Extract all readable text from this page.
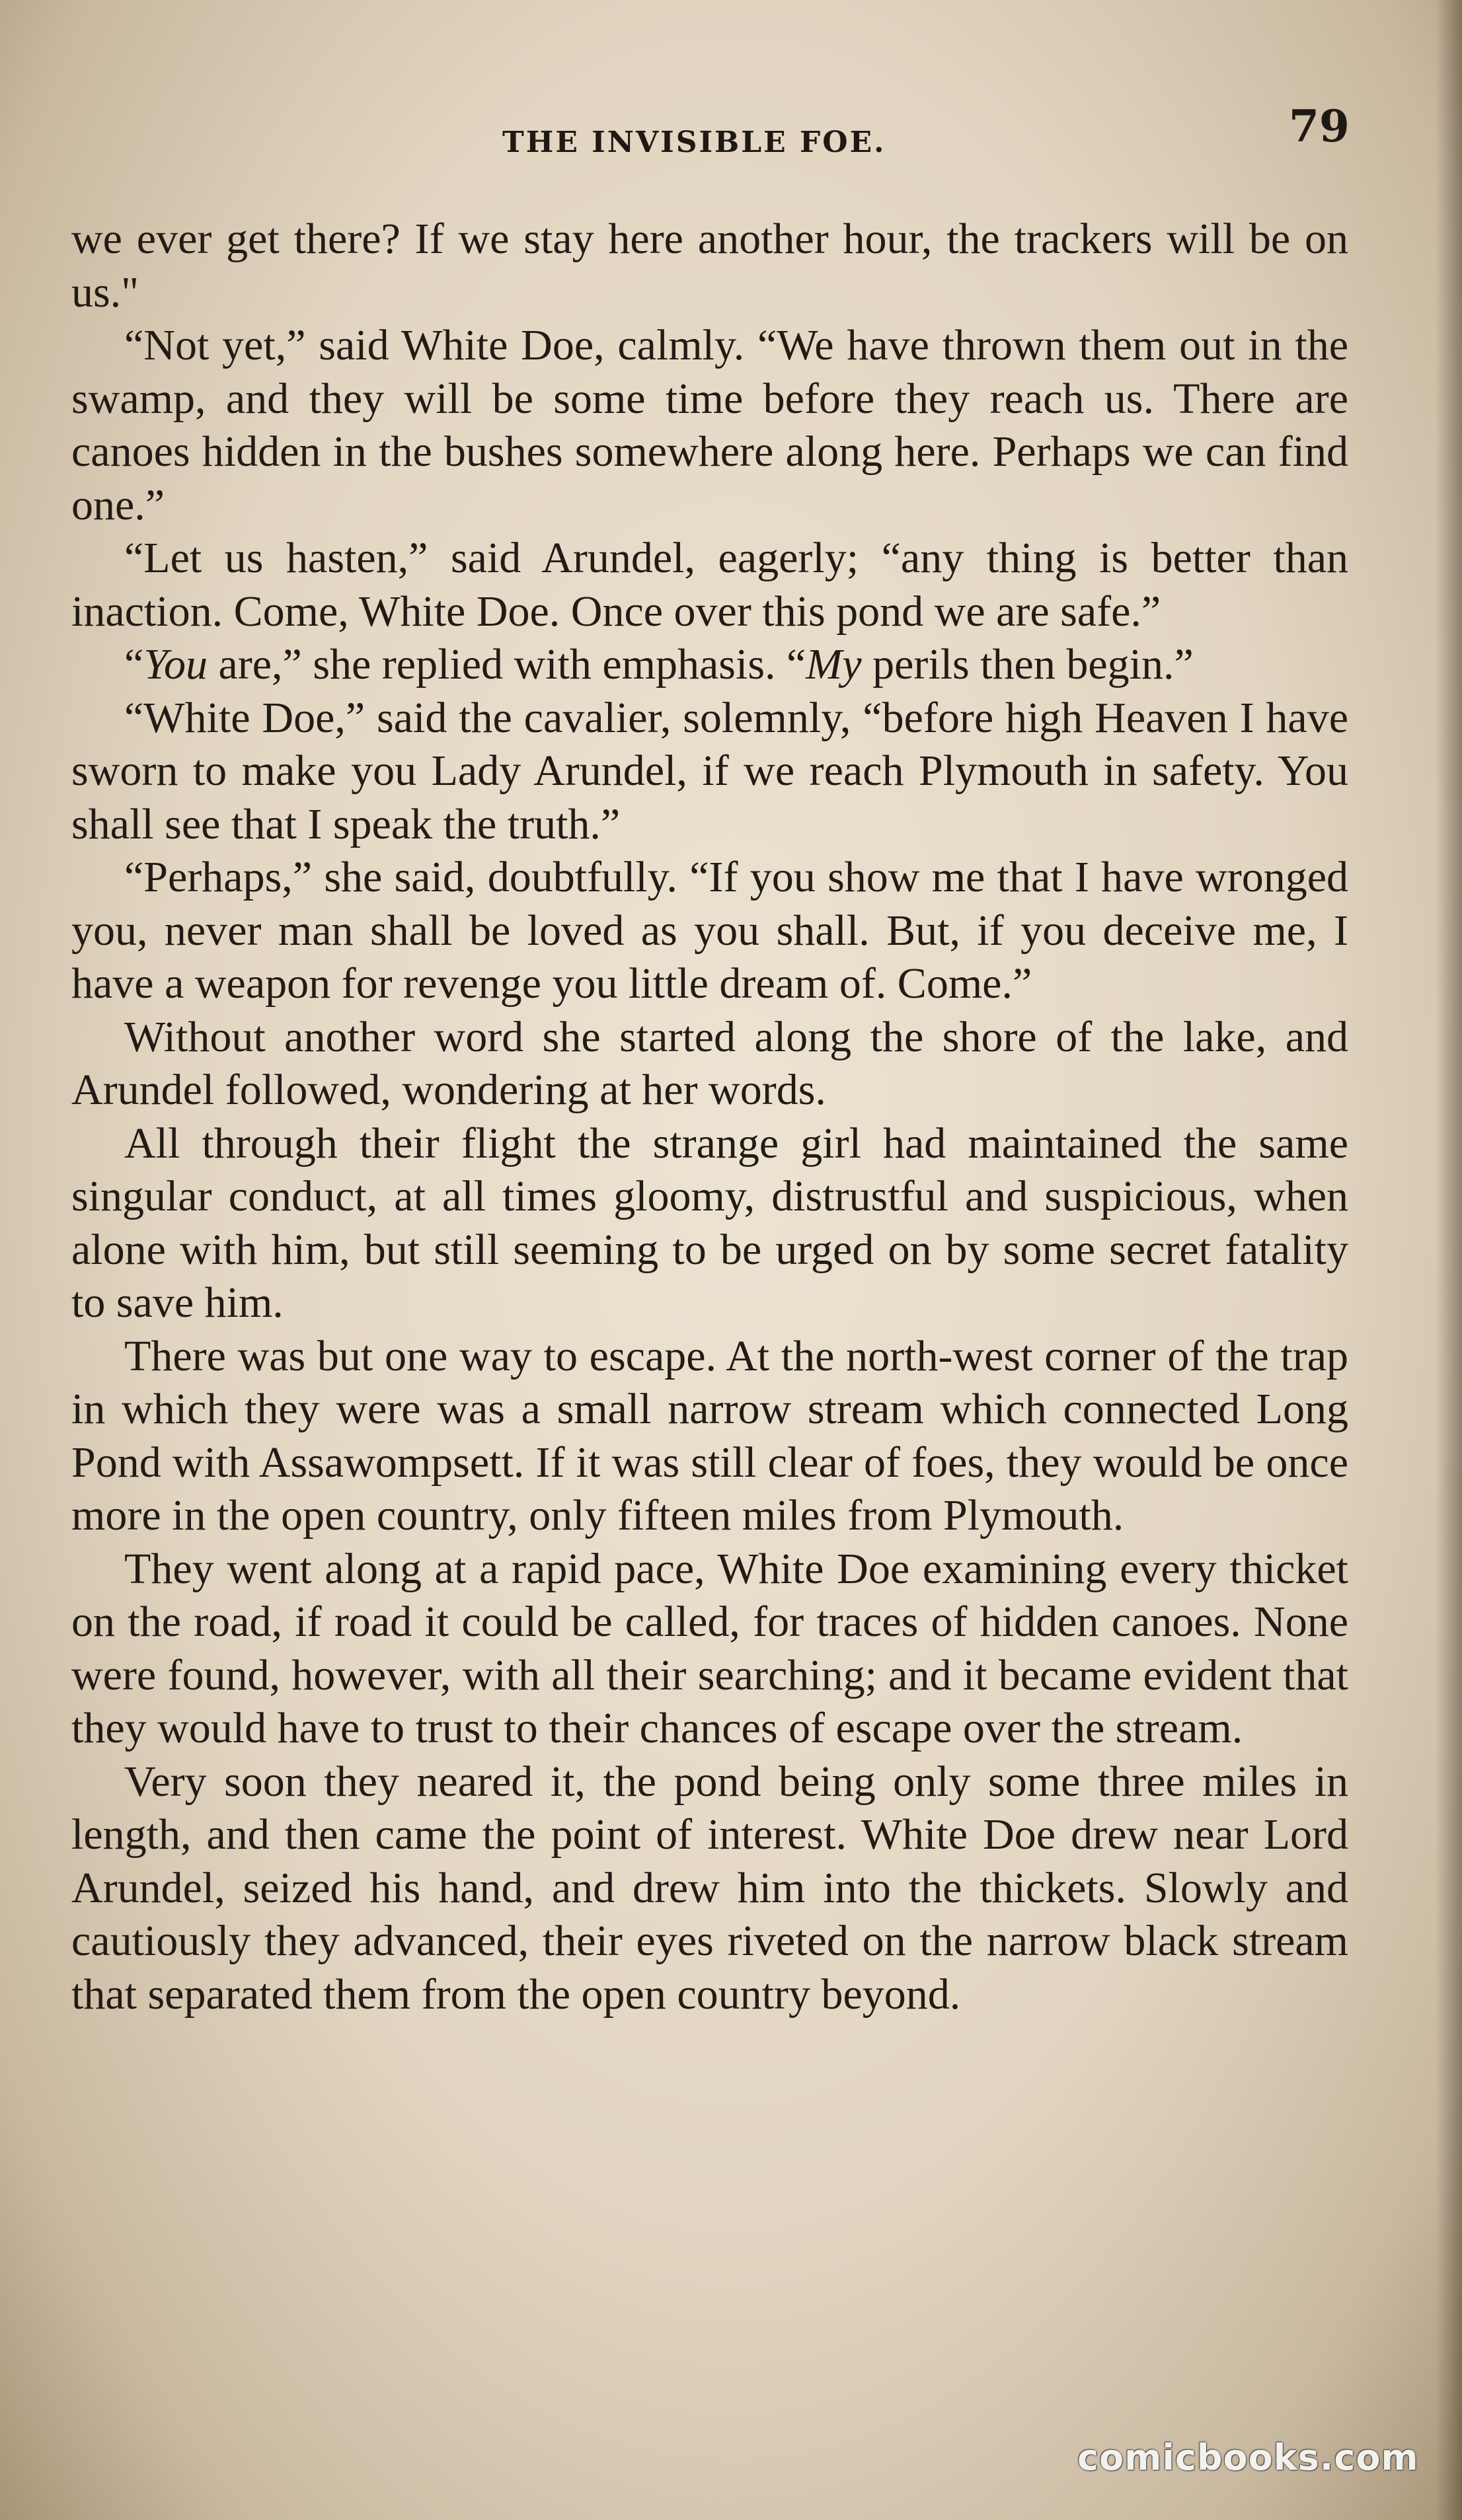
THE INVISIBLE FOE.	79

we ever get there? If we stay here another hour, the trackers will be on us."

“Not yet,” said White Doe, calmly. “We have thrown them out in the swamp, and they will be some time before they reach us. There are canoes hidden in the bushes somewhere along here. Perhaps we can find one.”

“Let us hasten,” said Arundel, eagerly; “any thing is better than inaction. Come, White Doe. Once over this pond we are safe.”

“You are,” she replied with emphasis. “My perils then begin.”

“White Doe,” said the cavalier, solemnly, “before high Heaven I have sworn to make you Lady Arundel, if we reach Plymouth in safety. You shall see that I speak the truth.”

“Perhaps,” she said, doubtfully. “If you show me that I have wronged you, never man shall be loved as you shall. But, if you deceive me, I have a weapon for revenge you little dream of. Come.”

Without another word she started along the shore of the lake, and Arundel followed, wondering at her words.

All through their flight the strange girl had maintained the same singular conduct, at all times gloomy, distrustful and suspicious, when alone with him, but still seeming to be urged on by some secret fatality to save him.

There was but one way to escape. At the north-west corner of the trap in which they were was a small narrow stream which connected Long Pond with Assawompsett. If it was still clear of foes, they would be once more in the open country, only fifteen miles from Plymouth.

They went along at a rapid pace, White Doe examining every thicket on the road, if road it could be called, for traces of hidden canoes. None were found, however, with all their searching; and it became evident that they would have to trust to their chances of escape over the stream.

Very soon they neared it, the pond being only some three miles in length, and then came the point of interest. White Doe drew near Lord Arundel, seized his hand, and drew him into the thickets. Slowly and cautiously they advanced, their eyes riveted on the narrow black stream that separated them from the open country beyond.

comicbooks.com
